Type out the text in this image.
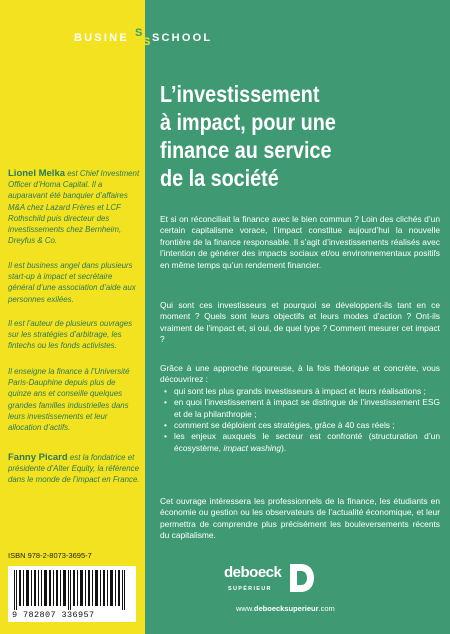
BUSINE S
S SCHOOL
L’investissement
à impact, pour une
finance au service
de la société
Lionel Melka est Chief Investment Officer d’Homa Capital. Il a auparavant été banquier d’affaires M&A chez Lazard Frères et LCF Rothschild puis directeur des investissements chez Bernheim, Dreyfus & Co.
Il est business angel dans plusieurs start-up à impact et secrétaire général d’une association d’aide aux personnes exilées.
Il est l’auteur de plusieurs ouvrages sur les stratégies d’arbitrage, les fintechs ou les fonds activistes.
Il enseigne la finance à l’Université Paris-Dauphine depuis plus de quinze ans et conseille quelques grandes familles industrielles dans leurs investissements et leur allocation d’actifs.
Fanny Picard est la fondatrice et présidente d’Alter Equity, la référence dans le monde de l’impact en France.
Et si on réconciliait la finance avec le bien commun ? Loin des clichés d’un certain capitalisme vorace, l’impact constitue aujourd’hui la nouvelle frontière de la finance responsable. Il s’agit d’investissements réalisés avec l’intention de générer des impacts sociaux et/ou environnementaux positifs en même temps qu’un rendement financier.
Qui sont ces investisseurs et pourquoi se développent-ils tant en ce moment ? Quels sont leurs objectifs et leurs modes d’action ? Ont-ils vraiment de l’impact et, si oui, de quel type ? Comment mesurer cet impact ?
Grâce à une approche rigoureuse, à la fois théorique et concrète, vous découvrirez :
• qui sont les plus grands investisseurs à impact et leurs réalisations ;
• en quoi l’investissement à impact se distingue de l’investissement ESG et de la philanthropie ;
• comment se déploient ces stratégies, grâce à 40 cas réels ;
• les enjeux auxquels le secteur est confronté (structuration d’un écosystème, impact washing).
Cet ouvrage intéressera les professionnels de la finance, les étudiants en économie ou gestion ou les observateurs de l’actualité économique, et leur permettra de comprendre plus précisément les bouleversements récents du capitalisme.
ISBN 978-2-8073-3695-7
9 782807 336957
deboeck
SUPÉRIEUR
www.deboecksuperieur.com
